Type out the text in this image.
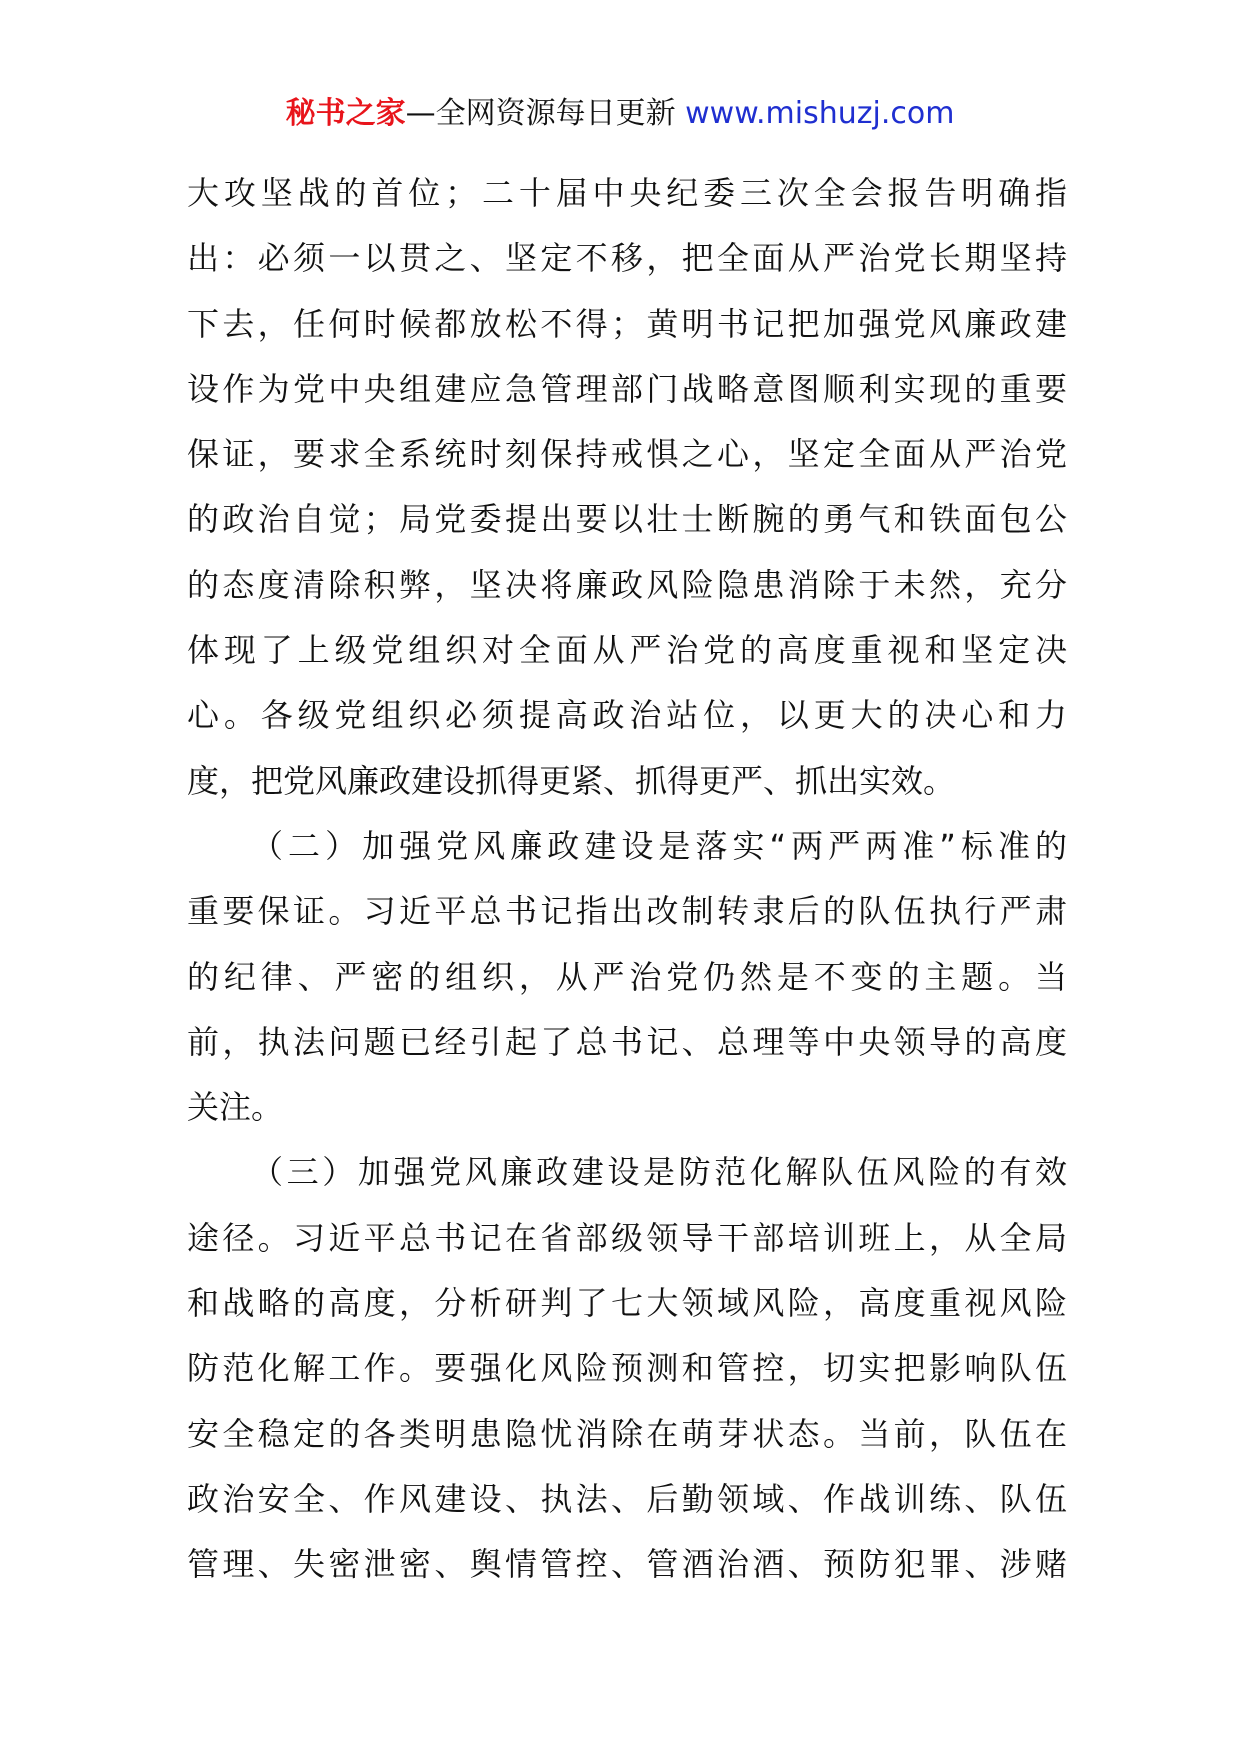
秘书之家—全网资源每日更新 www.mishuzj.com
大攻坚战的首位；二十届中央纪委三次全会报告明确指
出：必须一以贯之、坚定不移，把全面从严治党长期坚持
下去，任何时候都放松不得；黄明书记把加强党风廉政建
设作为党中央组建应急管理部门战略意图顺利实现的重要
保证，要求全系统时刻保持戒惧之心，坚定全面从严治党
的政治自觉；局党委提出要以壮士断腕的勇气和铁面包公
的态度清除积弊，坚决将廉政风险隐患消除于未然，充分
体现了上级党组织对全面从严治党的高度重视和坚定决
心。各级党组织必须提高政治站位，以更大的决心和力
度，把党风廉政建设抓得更紧、抓得更严、抓出实效。
（二）加强党风廉政建设是落实“两严两准”标准的
重要保证。习近平总书记指出改制转隶后的队伍执行严肃
的纪律、严密的组织，从严治党仍然是不变的主题。当
前，执法问题已经引起了总书记、总理等中央领导的高度
关注。
（三）加强党风廉政建设是防范化解队伍风险的有效
途径。习近平总书记在省部级领导干部培训班上，从全局
和战略的高度，分析研判了七大领域风险，高度重视风险
防范化解工作。要强化风险预测和管控，切实把影响队伍
安全稳定的各类明患隐忧消除在萌芽状态。当前，队伍在
政治安全、作风建设、执法、后勤领域、作战训练、队伍
管理、失密泄密、舆情管控、管酒治酒、预防犯罪、涉赌
